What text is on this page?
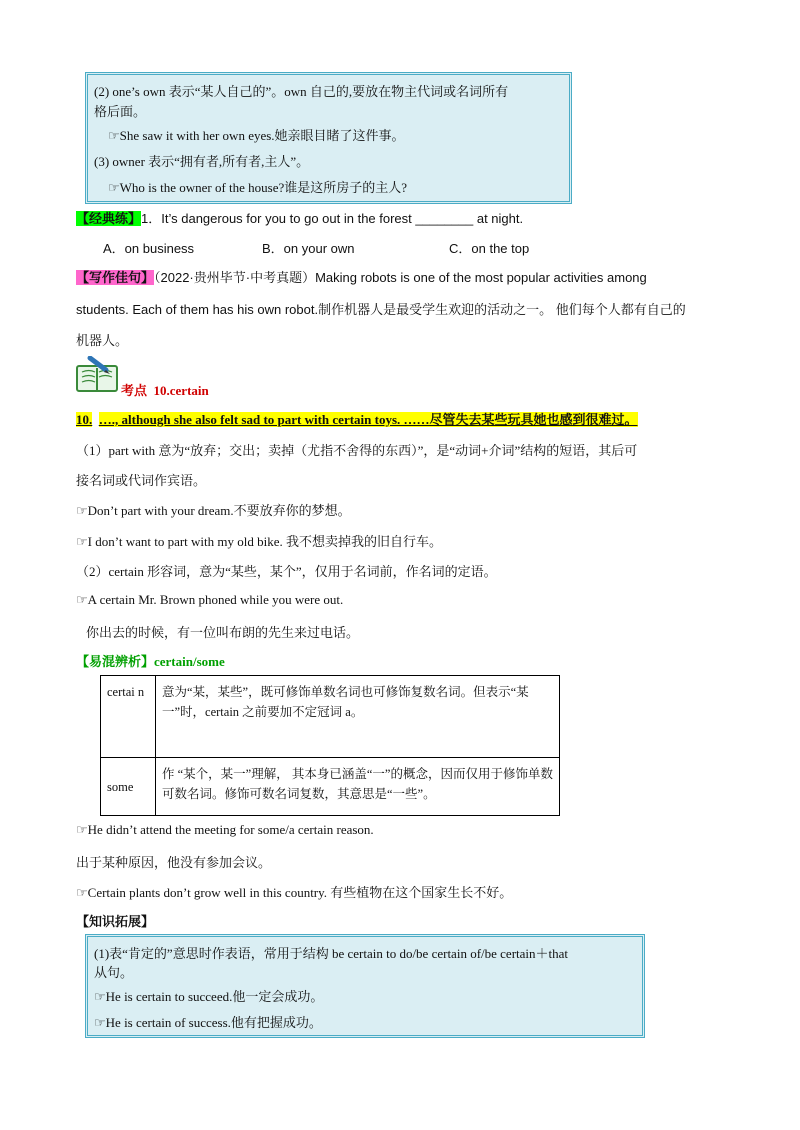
(2) one’s own 表示“某人自己的”。own 自己的,要放在物主代词或名词所有
格后面。
☞She saw it with her own eyes.她亲眼目睹了这件事。
(3) owner 表示“拥有者,所有者,主人”。
☞Who is the owner of the house?谁是这所房子的主人?
【经典练】1．It’s dangerous for you to go out in the forest ________ at night.
A．on business	B．on your own	C．on the top
【写作佳句】（2022·贵州毕节·中考真题）Making robots is one of the most popular activities among
students. Each of them has his own robot.制作机器人是最受学生欢迎的活动之一。 他们每个人都有自己的
机器人。
考点 10.certain
10. …., although she also felt sad to part with certain toys. ……尽管失去某些玩具她也感到很难过。
（1）part with 意为“放弃；交出；卖掉（尤指不舍得的东西）”，是“动词+介词”结构的短语，其后可
接名词或代词作宾语。
☞Don’t part with your dream.不要放弃你的梦想。
☞I don’t want to part with my old bike. 我不想卖掉我的旧自行车。
（2）certain 形容词，意为“某些，某个”，仅用于名词前，作名词的定语。
☞A certain Mr. Brown phoned while you were out.
你出去的时候，有一位叫布朗的先生来过电话。
【易混辨析】certain/some
certai n	意为“某，某些”，既可修饰单数名词也可修饰复数名词。但表示“某一”时，certain 之前要加不定冠词 a。
some	作 “某个，某一”理解， 其本身已涵盖“一”的概念，因而仅用于修饰单数可数名词。修饰可数名词复数，其意思是“一些”。
☞He didn’t attend the meeting for some/a certain reason.
出于某种原因，他没有参加会议。
☞Certain plants don’t grow well in this country. 有些植物在这个国家生长不好。
【知识拓展】
(1)表“肯定的”意思时作表语，常用于结构 be certain to do/be certain of/be certain＋that
从句。
☞He is certain to succeed.他一定会成功。
☞He is certain of success.他有把握成功。
